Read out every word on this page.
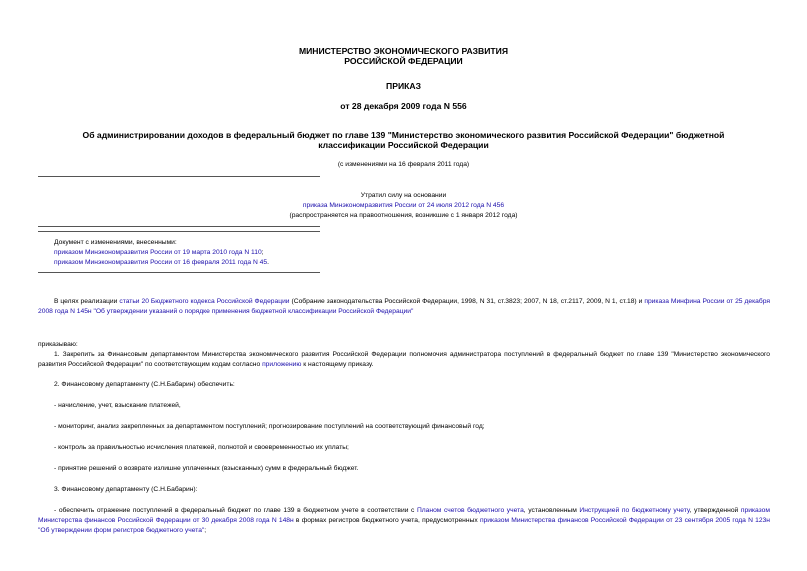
МИНИСТЕРСТВО ЭКОНОМИЧЕСКОГО РАЗВИТИЯ
РОССИЙСКОЙ ФЕДЕРАЦИИ
ПРИКАЗ
от 28 декабря 2009 года N 556
Об администрировании доходов в федеральный бюджет по главе 139 "Министерство экономического развития Российской Федерации" бюджетной
классификации Российской Федерации
(с изменениями на 16 февраля 2011 года)
Утратил силу на основании
приказа Минэкономразвития России от 24 июля 2012 года N 456
(распространяется на правоотношения, возникшие с 1 января 2012 года)
Документ с изменениями, внесенными:
приказом Минэкономразвития России от 19 марта 2010 года N 110;
приказом Минэкономразвития России от 16 февраля 2011 года N 45.
В целях реализации статьи 20 Бюджетного кодекса Российской Федерации (Собрание законодательства Российской Федерации, 1998, N 31, ст.3823; 2007, N 18, ст.2117, 2009, N 1, ст.18) и приказа Минфина России от 25 декабря 2008 года N 145н "Об утверждении указаний о порядке применения бюджетной классификации Российской Федерации"
приказываю:
1. Закрепить за Финансовым департаментом Министерства экономического развития Российской Федерации полномочия администратора поступлений в федеральный бюджет по главе 139 "Министерство экономического развития Российской Федерации" по соответствующим кодам согласно приложению к настоящему приказу.
2. Финансовому департаменту (С.Н.Бабарин) обеспечить:
- начисление, учет, взыскание платежей,
- мониторинг, анализ закрепленных за департаментом поступлений; прогнозирование поступлений на соответствующий финансовый год;
- контроль за правильностью исчисления платежей, полнотой и своевременностью их уплаты;
- принятие решений о возврате излишне уплаченных (взысканных) сумм в федеральный бюджет.
3. Финансовому департаменту (С.Н.Бабарин):
- обеспечить отражение поступлений в федеральный бюджет по главе 139 в бюджетном учете в соответствии с Планом счетов бюджетного учета, установленным Инструкцией по бюджетному учету, утвержденной приказом Министерства финансов Российской Федерации от 30 декабря 2008 года N 148н в формах регистров бюджетного учета, предусмотренных приказом Министерства финансов Российской Федерации от 23 сентября 2005 года N 123н "Об утверждении форм регистров бюджетного учета";
